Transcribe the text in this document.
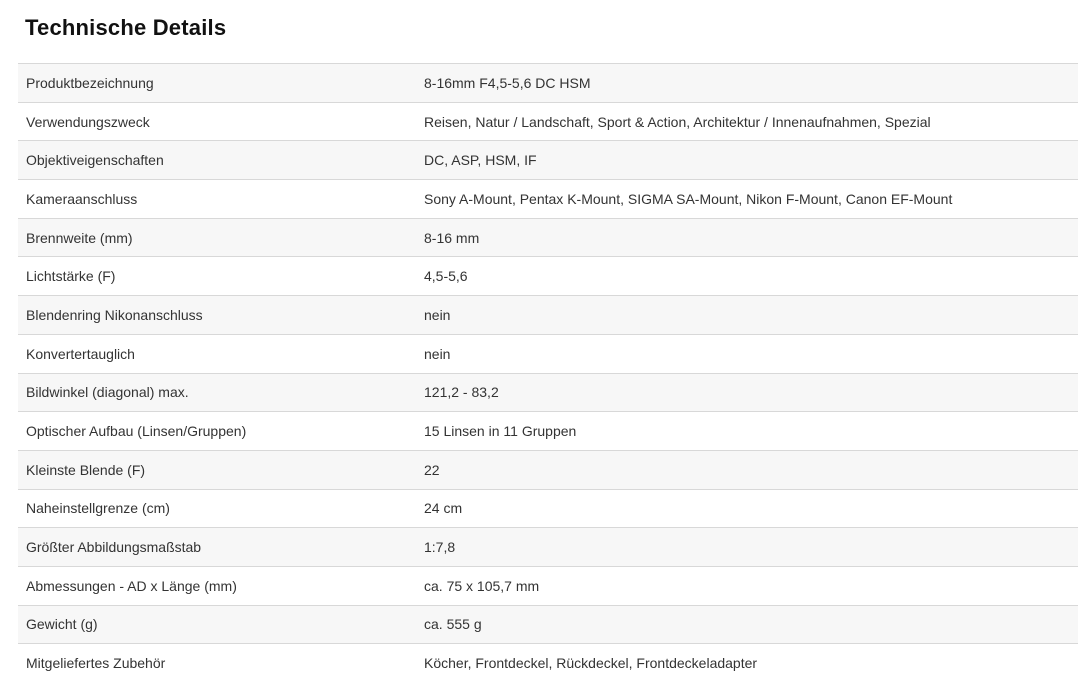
Technische Details
Produktbezeichnung	8-16mm F4,5-5,6 DC HSM
Verwendungszweck	Reisen, Natur / Landschaft, Sport & Action, Architektur / Innenaufnahmen, Spezial
Objektiveigenschaften	DC, ASP, HSM, IF
Kameraanschluss	Sony A-Mount, Pentax K-Mount, SIGMA SA-Mount, Nikon F-Mount, Canon EF-Mount
Brennweite (mm)	8-16 mm
Lichtstärke (F)	4,5-5,6
Blendenring Nikonanschluss	nein
Konvertertauglich	nein
Bildwinkel (diagonal) max.	121,2 - 83,2
Optischer Aufbau (Linsen/Gruppen)	15 Linsen in 11 Gruppen
Kleinste Blende (F)	22
Naheinstellgrenze (cm)	24 cm
Größter Abbildungsmaßstab	1:7,8
Abmessungen - AD x Länge (mm)	ca. 75 x 105,7 mm
Gewicht (g)	ca. 555 g
Mitgeliefertes Zubehör	Köcher, Frontdeckel, Rückdeckel, Frontdeckeladapter
